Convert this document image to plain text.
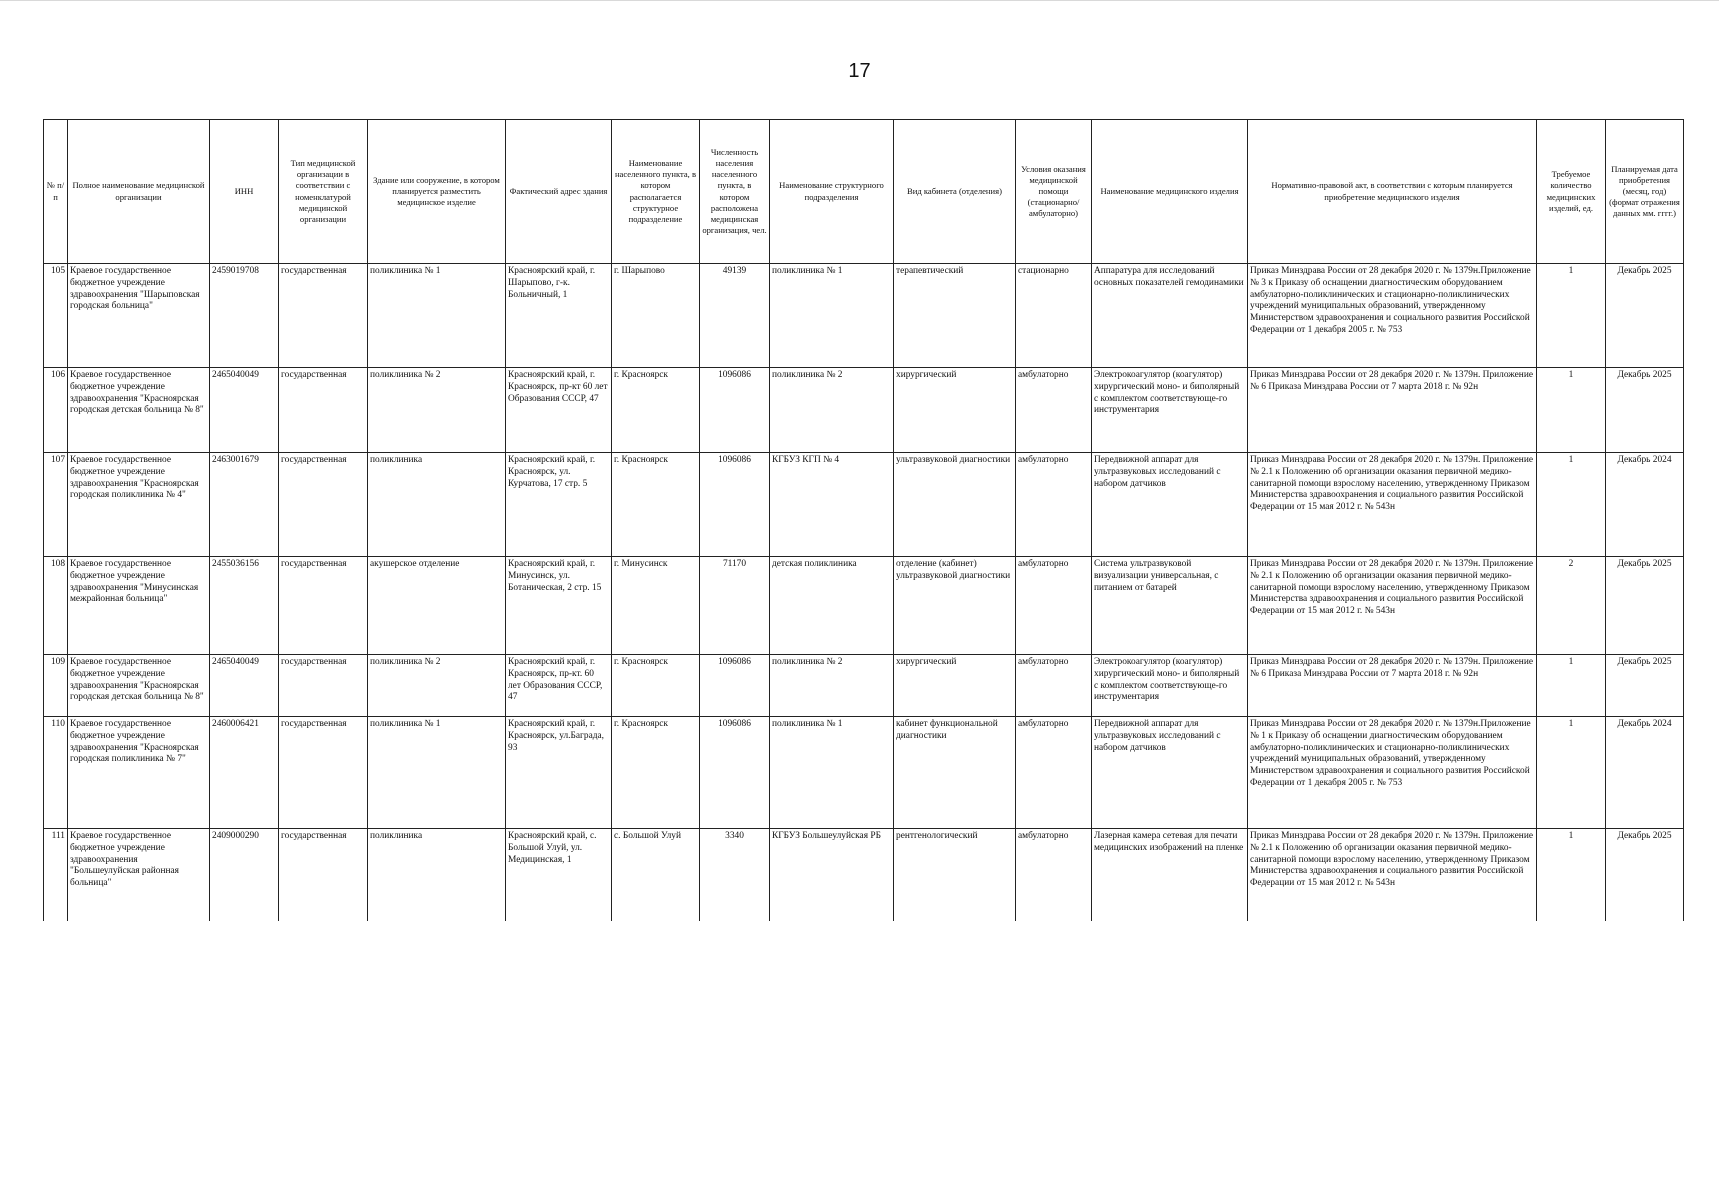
17
№ п/п	Полное наименование медицинской организации	ИНН	Тип медицинской организации в соответствии с номенклатурой медицинской организации	Здание или сооружение, в котором планируется разместить медицинское изделие	Фактический адрес здания	Наименование населенного пункта, в котором располагается структурное подразделение	Численность населения населенного пункта, в котором расположена медицинская организация, чел.	Наименование структурного подразделения	Вид кабинета (отделения)	Условия оказания медицинской помощи (стационарно/ амбулаторно)	Наименование медицинского изделия	Нормативно-правовой акт, в соответствии с которым планируется приобретение медицинского изделия	Требуемое количество медицинских изделий, ед.	Планируемая дата приобретения (месяц, год) (формат отражения данных мм. гггг.)
105	Краевое государственное бюджетное учреждение здравоохранения "Шарыповская городская больница"	2459019708	государственная	поликлиника № 1	Красноярский край, г. Шарыпово, г-к. Больничный, 1	г. Шарыпово	49139	поликлиника № 1	терапевтический	стационарно	Аппаратура для исследований основных показателей гемодинамики	Приказ Минздрава России от 28 декабря 2020 г. № 1379н.Приложение № 3 к Приказу об оснащении диагностическим оборудованием амбулаторно-поликлинических и стационарно-поликлинических учреждений муниципальных образований, утвержденному Министерством здравоохранения и социального развития Российской Федерации от 1 декабря 2005 г. № 753	1	Декабрь 2025
106	Краевое государственное бюджетное учреждение здравоохранения "Красноярская городская детская больница № 8"	2465040049	государственная	поликлиника № 2	Красноярский край, г. Красноярск, пр-кт 60 лет Образования СССР, 47	г. Красноярск	1096086	поликлиника № 2	хирургический	амбулаторно	Электрокоагулятор (коагулятор) хирургический моно- и биполярный с комплектом соответствующе-го инструментария	Приказ Минздрава России от 28 декабря 2020 г. № 1379н. Приложение № 6 Приказа Минздрава России от 7 марта 2018 г. № 92н	1	Декабрь 2025
107	Краевое государственное бюджетное учреждение здравоохранения "Красноярская городская поликлиника № 4"	2463001679	государственная	поликлиника	Красноярский край, г. Красноярск, ул. Курчатова, 17 стр. 5	г. Красноярск	1096086	КГБУЗ КГП № 4	ультразвуковой диагностики	амбулаторно	Передвижной аппарат для ультразвуковых исследований с набором датчиков	Приказ Минздрава России от 28 декабря 2020 г. № 1379н. Приложение № 2.1 к Положению об организации оказания первичной медико-санитарной помощи взрослому населению, утвержденному Приказом Министерства здравоохранения и социального развития Российской Федерации от 15 мая 2012 г. № 543н	1	Декабрь 2024
108	Краевое государственное бюджетное учреждение здравоохранения "Минусинская межрайонная больница"	2455036156	государственная	акушерское отделение	Красноярский край, г. Минусинск, ул. Ботаническая, 2 стр. 15	г. Минусинск	71170	детская поликлиника	отделение (кабинет) ультразвуковой диагностики	амбулаторно	Система ультразвуковой визуализации универсальная, с питанием от батарей	Приказ Минздрава России от 28 декабря 2020 г. № 1379н. Приложение № 2.1 к Положению об организации оказания первичной медико-санитарной помощи взрослому населению, утвержденному Приказом Министерства здравоохранения и социального развития Российской Федерации от 15 мая 2012 г. № 543н	2	Декабрь 2025
109	Краевое государственное бюджетное учреждение здравоохранения "Красноярская городская детская больница № 8"	2465040049	государственная	поликлиника № 2	Красноярский край, г. Красноярск, пр-кт. 60 лет Образования СССР, 47	г. Красноярск	1096086	поликлиника № 2	хирургический	амбулаторно	Электрокоагулятор (коагулятор) хирургический моно- и биполярный с комплектом соответствующе-го инструментария	Приказ Минздрава России от 28 декабря 2020 г. № 1379н. Приложение № 6 Приказа Минздрава России от 7 марта 2018 г. № 92н	1	Декабрь 2025
110	Краевое государственное бюджетное учреждение здравоохранения "Красноярская городская поликлиника № 7"	2460006421	государственная	поликлиника № 1	Красноярский край, г. Красноярск, ул.Баграда, 93	г. Красноярск	1096086	поликлиника № 1	кабинет функциональной диагностики	амбулаторно	Передвижной аппарат для ультразвуковых исследований с набором датчиков	Приказ Минздрава России от 28 декабря 2020 г. № 1379н.Приложение № 1 к Приказу об оснащении диагностическим оборудованием амбулаторно-поликлинических и стационарно-поликлинических учреждений муниципальных образований, утвержденному Министерством здравоохранения и социального развития Российской Федерации от 1 декабря 2005 г. № 753	1	Декабрь 2024
111	Краевое государственное бюджетное учреждение здравоохранения "Большеулуйская районная больница"	2409000290	государственная	поликлиника	Красноярский край, с. Большой Улуй, ул. Медицинская, 1	с. Большой Улуй	3340	КГБУЗ Большеулуйская РБ	рентгенологический	амбулаторно	Лазерная камера сетевая для печати медицинских изображений на пленке	Приказ Минздрава России от 28 декабря 2020 г. № 1379н. Приложение № 2.1 к Положению об организации оказания первичной медико-санитарной помощи взрослому населению, утвержденному Приказом Министерства здравоохранения и социального развития Российской Федерации от 15 мая 2012 г. № 543н	1	Декабрь 2025
